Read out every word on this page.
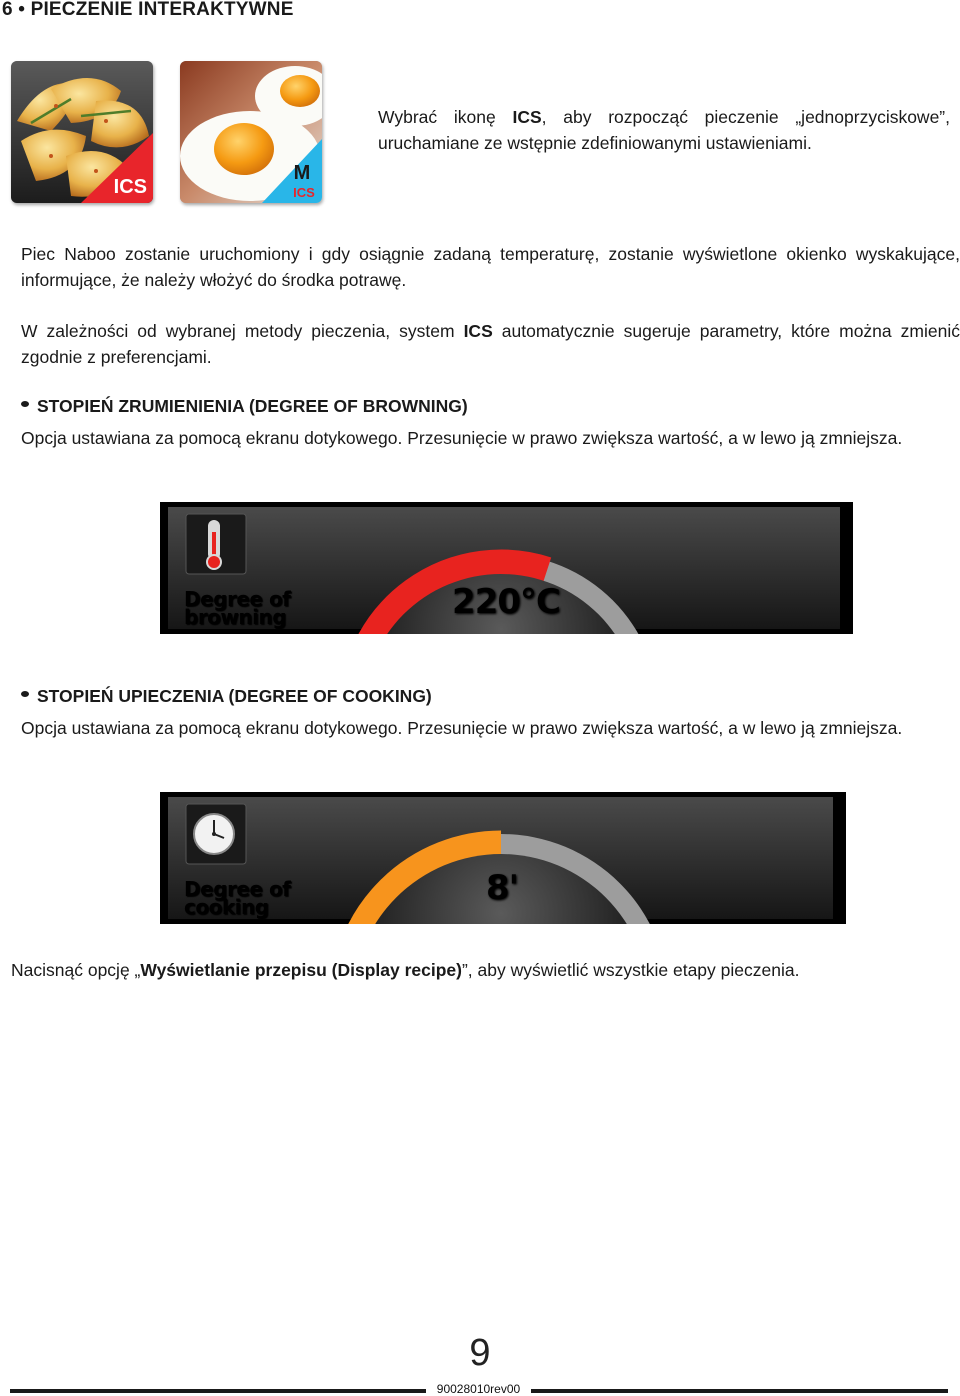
6 • PIECZENIE INTERAKTYWNE
ICS
M
ICS
Wybrać ikonę ICS, aby rozpocząć pieczenie „jednoprzyciskowe”, uruchamiane ze wstępnie zdefiniowanymi ustawieniami.
Piec Naboo zostanie uruchomiony i gdy osiągnie zadaną temperaturę, zostanie wyświetlone okienko wyskakujące, informujące, że należy włożyć do środka potrawę.
W zależności od wybranej metody pieczenia, system ICS automatycznie sugeruje parametry, które można zmienić zgodnie z preferencjami.
STOPIEŃ ZRUMIENIENIA (DEGREE OF BROWNING)
Opcja ustawiana za pomocą ekranu dotykowego. Przesunięcie w prawo zwiększa wartość, a w lewo ją zmniejsza.
Degree of
browning	220°C
STOPIEŃ UPIECZENIA (DEGREE OF COOKING)
Opcja ustawiana za pomocą ekranu dotykowego. Przesunięcie w prawo zwiększa wartość, a w lewo ją zmniejsza.
Degree of
cooking	8'
Nacisnąć opcję „Wyświetlanie przepisu (Display recipe)”, aby wyświetlić wszystkie etapy pieczenia.
9
90028010rev00
